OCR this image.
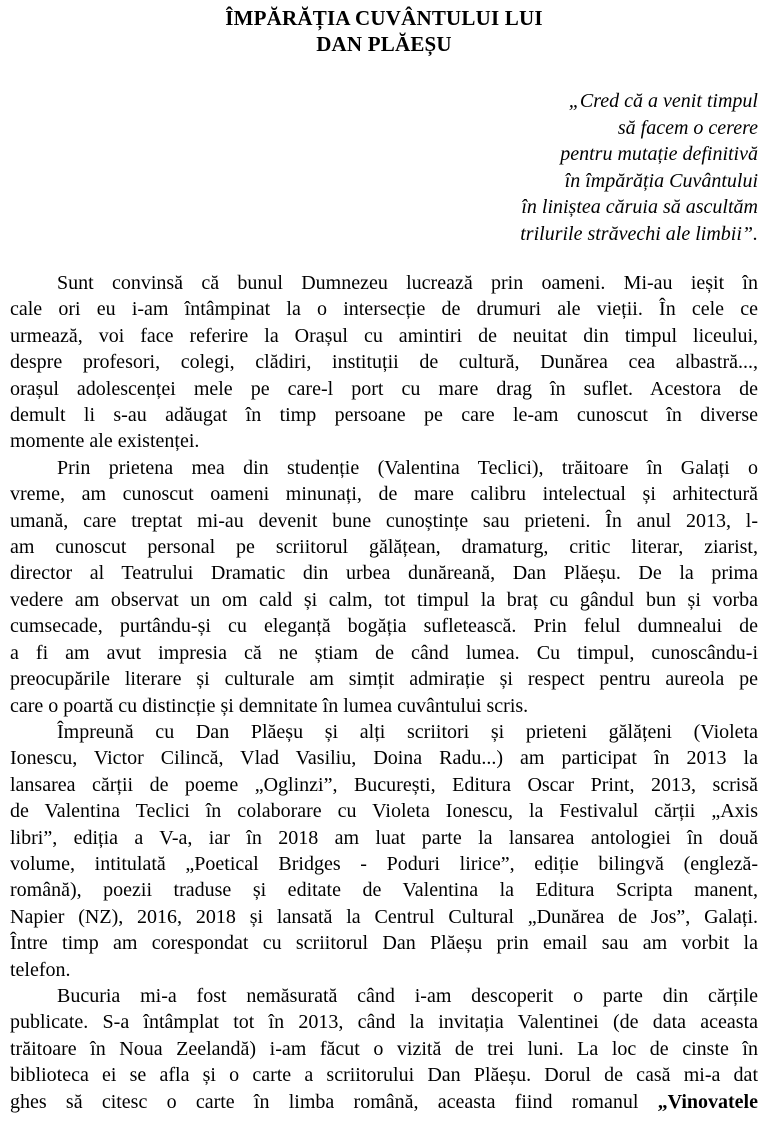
ÎMPĂRĂȚIA CUVÂNTULUI LUI
DAN PLĂEȘU
„Cred că a venit timpul
să facem o cerere
pentru mutație definitivă
în împărăția Cuvântului
în liniștea căruia să ascultăm
trilurile străvechi ale limbii”.

Sunt convinsă că bunul Dumnezeu lucrează prin oameni. Mi-au ieșit în
cale ori eu i-am întâmpinat la o intersecție de drumuri ale vieții. În cele ce
urmează, voi face referire la Orașul cu amintiri de neuitat din timpul liceului,
despre profesori, colegi, clădiri, instituții de cultură, Dunărea cea albastră...,
orașul adolescenței mele pe care-l port cu mare drag în suflet. Acestora de
demult li s-au adăugat în timp persoane pe care le-am cunoscut în diverse
momente ale existenței.

Prin prietena mea din studenție (Valentina Teclici), trăitoare în Galați o
vreme, am cunoscut oameni minunați, de mare calibru intelectual și arhitectură
umană, care treptat mi-au devenit bune cunoștințe sau prieteni. În anul 2013, l-
am cunoscut personal pe scriitorul gălățean, dramaturg, critic literar, ziarist,
director al Teatrului Dramatic din urbea dunăreană, Dan Plăeșu. De la prima
vedere am observat un om cald și calm, tot timpul la braț cu gândul bun și vorba
cumsecade, purtându-și cu eleganță bogăția sufletească. Prin felul dumnealui de
a fi am avut impresia că ne știam de când lumea. Cu timpul, cunoscându-i
preocupările literare și culturale am simțit admirație și respect pentru aureola pe
care o poartă cu distincție și demnitate în lumea cuvântului scris.

Împreună cu Dan Plăeșu și alți scriitori și prieteni gălățeni (Violeta
Ionescu, Victor Cilincă, Vlad Vasiliu, Doina Radu...) am participat în 2013 la
lansarea cărții de poeme „Oglinzi”, București, Editura Oscar Print, 2013, scrisă
de Valentina Teclici în colaborare cu Violeta Ionescu, la Festivalul cărții „Axis
libri”, ediția a V-a, iar în 2018 am luat parte la lansarea antologiei în două
volume, intitulată „Poetical Bridges - Poduri lirice”, ediție bilingvă (engleză-
română), poezii traduse și editate de Valentina la Editura Scripta manent,
Napier (NZ), 2016, 2018 și lansată la Centrul Cultural „Dunărea de Jos”, Galați.
Între timp am corespondat cu scriitorul Dan Plăeșu prin email sau am vorbit la
telefon.

Bucuria mi-a fost nemăsurată când i-am descoperit o parte din cărțile
publicate. S-a întâmplat tot în 2013, când la invitația Valentinei (de data aceasta
trăitoare în Noua Zeelandă) i-am făcut o vizită de trei luni. La loc de cinste în
biblioteca ei se afla și o carte a scriitorului Dan Plăeșu. Dorul de casă mi-a dat
ghes să citesc o carte în limba română, aceasta fiind romanul „Vinovatele
